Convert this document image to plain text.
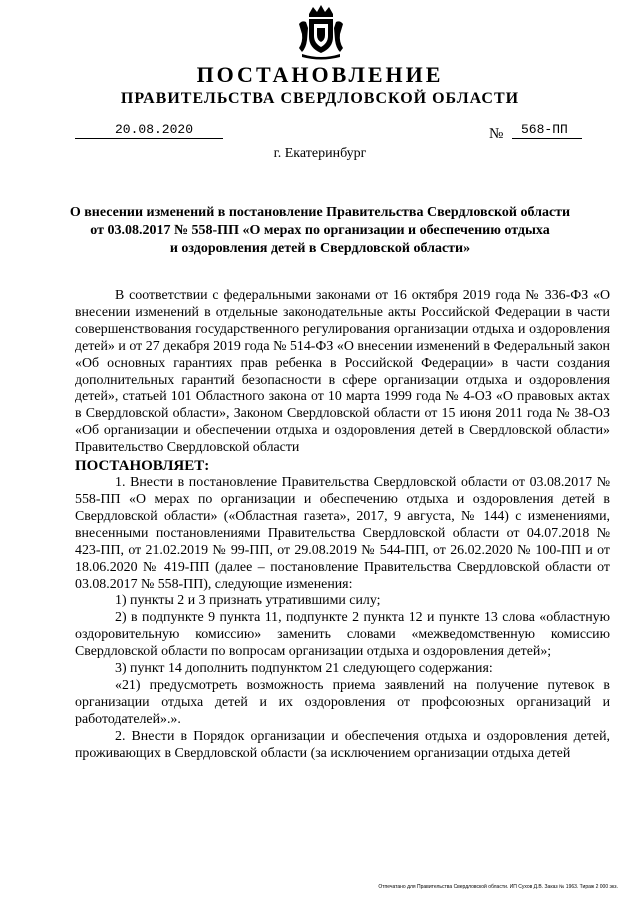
ПОСТАНОВЛЕНИЕ
ПРАВИТЕЛЬСТВА СВЕРДЛОВСКОЙ ОБЛАСТИ
20.08.2020	№	568-ПП
г. Екатеринбург
О внесении изменений в постановление Правительства Свердловской области
от 03.08.2017 № 558-ПП «О мерах по организации и обеспечению отдыха
и оздоровления детей в Свердловской области»

В соответствии с федеральными законами от 16 октября 2019 года № 336-ФЗ «О внесении изменений в отдельные законодательные акты Российской Федерации в части совершенствования государственного регулирования организации отдыха и оздоровления детей» и от 27 декабря 2019 года № 514-ФЗ «О внесении изменений в Федеральный закон «Об основных гарантиях прав ребенка в Российской Федерации» в части создания дополнительных гарантий безопасности в сфере организации отдыха и оздоровления детей», статьей 101 Областного закона от 10 марта 1999 года № 4-ОЗ «О правовых актах в Свердловской области», Законом Свердловской области от 15 июня 2011 года № 38-ОЗ «Об организации и обеспечении отдыха и оздоровления детей в Свердловской области» Правительство Свердловской области

ПОСТАНОВЛЯЕТ:

1. Внести в постановление Правительства Свердловской области от 03.08.2017 № 558-ПП «О мерах по организации и обеспечению отдыха и оздоровления детей в Свердловской области» («Областная газета», 2017, 9 августа, № 144) с изменениями, внесенными постановлениями Правительства Свердловской области от 04.07.2018 № 423-ПП, от 21.02.2019 № 99-ПП, от 29.08.2019 № 544-ПП, от 26.02.2020 № 100-ПП и от 18.06.2020 № 419-ПП (далее – постановление Правительства Свердловской области от 03.08.2017 № 558-ПП), следующие изменения:

1) пункты 2 и 3 признать утратившими силу;

2) в подпункте 9 пункта 11, подпункте 2 пункта 12 и пункте 13 слова «областную оздоровительную комиссию» заменить словами «межведомственную комиссию Свердловской области по вопросам организации отдыха и оздоровления детей»;

3) пункт 14 дополнить подпунктом 21 следующего содержания:

«21) предусмотреть возможность приема заявлений на получение путевок в организации отдыха детей и их оздоровления от профсоюзных организаций и работодателей».».

2. Внести в Порядок организации и обеспечения отдыха и оздоровления детей, проживающих в Свердловской области (за исключением организации отдыха детей

Отпечатано для Правительства Свердловской области. ИП Сухов Д.В. Заказ № 1963. Тираж 2 000 экз.
